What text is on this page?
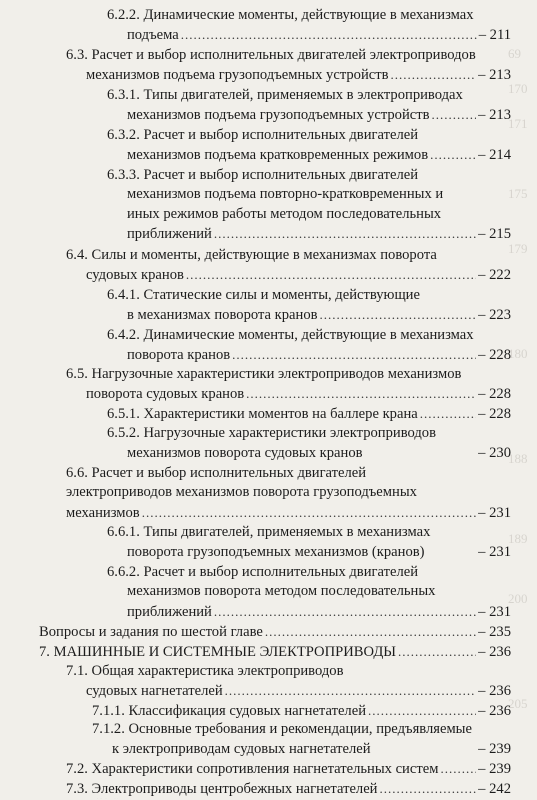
69
170
171
175
179
180
188
189
200
205
6.2.2. Динамические моменты, действующие в механизмах
подъема .....	– 211
6.3. Расчет и выбор исполнительных двигателей электроприводов
механизмов подъема грузоподъемных устройств .....	– 213
6.3.1. Типы двигателей, применяемых в электроприводах
механизмов подъема грузоподъемных устройств .....	– 213
6.3.2. Расчет и выбор исполнительных двигателей
механизмов подъема кратковременных режимов .....	– 214
6.3.3. Расчет и выбор исполнительных двигателей
механизмов подъема повторно-кратковременных и
иных режимов работы методом последовательных
приближений .....	– 215
6.4. Силы и моменты, действующие в механизмах поворота
судовых кранов .....	– 222
6.4.1. Статические силы и моменты, действующие
в механизмах поворота кранов .....	– 223
6.4.2. Динамические моменты, действующие в механизмах
поворота кранов .....	– 228
6.5. Нагрузочные характеристики электроприводов механизмов
поворота судовых кранов .....	– 228
6.5.1. Характеристики моментов на баллере крана .....	– 228
6.5.2. Нагрузочные характеристики электроприводов
механизмов поворота судовых кранов	– 230
6.6. Расчет и выбор исполнительных двигателей
электроприводов механизмов поворота грузоподъемных
механизмов .....	– 231
6.6.1. Типы двигателей, применяемых в механизмах
поворота грузоподъемных механизмов (кранов)	– 231
6.6.2. Расчет и выбор исполнительных двигателей
механизмов поворота методом последовательных
приближений .....	– 231
Вопросы и задания по шестой главе .....	– 235
7. МАШИННЫЕ И СИСТЕМНЫЕ ЭЛЕКТРОПРИВОДЫ .....	– 236
7.1. Общая характеристика электроприводов
судовых нагнетателей .....	– 236
7.1.1. Классификация судовых нагнетателей .....	– 236
7.1.2. Основные требования и рекомендации, предъявляемые
к электроприводам судовых нагнетателей	– 239
7.2. Характеристики сопротивления нагнетательных систем .....	– 239
7.3. Электроприводы центробежных нагнетателей .....	– 242
7.3.1. Особенности центробежных нагнетателей – 242
7.3.2. Рабочие характеристики центробежных нагнетателей – 243
7.3.3. Основные режимы работы центробежных нагнетателей. – 246
7.3.4. Типы двигателей, применяемых в электроприводах центробежных нагнетателей – 250
